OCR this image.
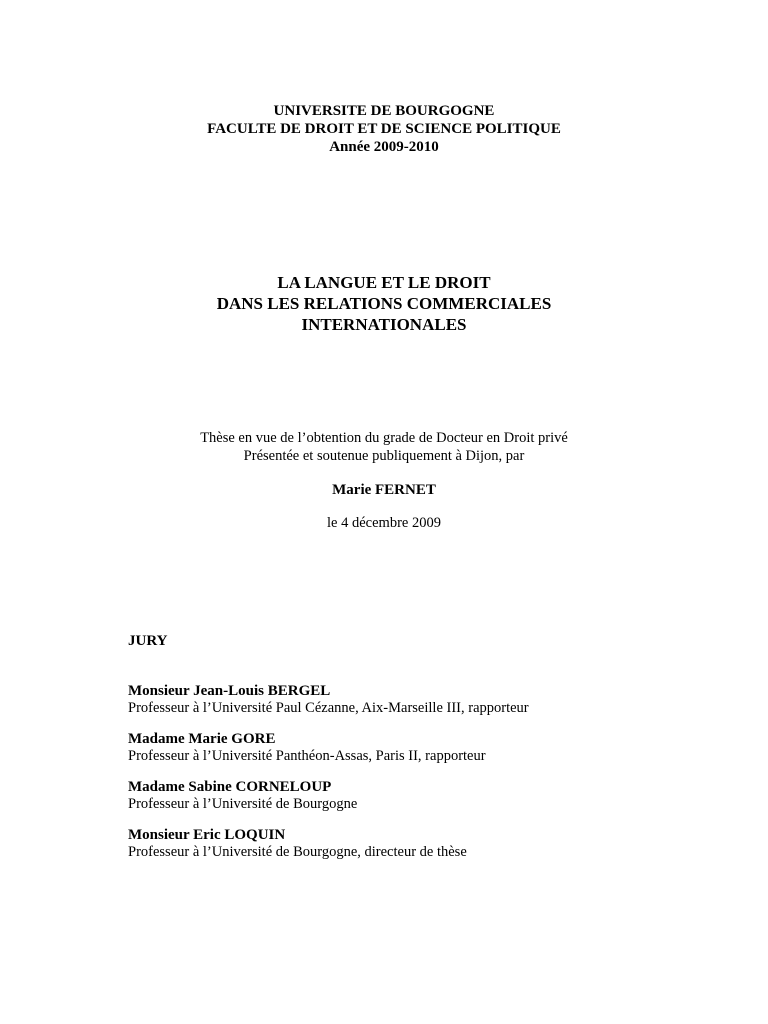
UNIVERSITE DE BOURGOGNE
FACULTE DE DROIT ET DE SCIENCE POLITIQUE
Année 2009-2010
LA LANGUE ET LE DROIT
DANS LES RELATIONS COMMERCIALES
INTERNATIONALES
Thèse en vue de l’obtention du grade de Docteur en Droit privé
Présentée et soutenue publiquement à Dijon, par
Marie FERNET
le 4 décembre 2009
JURY
Monsieur Jean-Louis BERGEL
Professeur à l’Université Paul Cézanne, Aix-Marseille III, rapporteur
Madame Marie GORE
Professeur à l’Université Panthéon-Assas, Paris II, rapporteur
Madame Sabine CORNELOUP
Professeur à l’Université de Bourgogne
Monsieur Eric LOQUIN
Professeur à l’Université de Bourgogne, directeur de thèse
